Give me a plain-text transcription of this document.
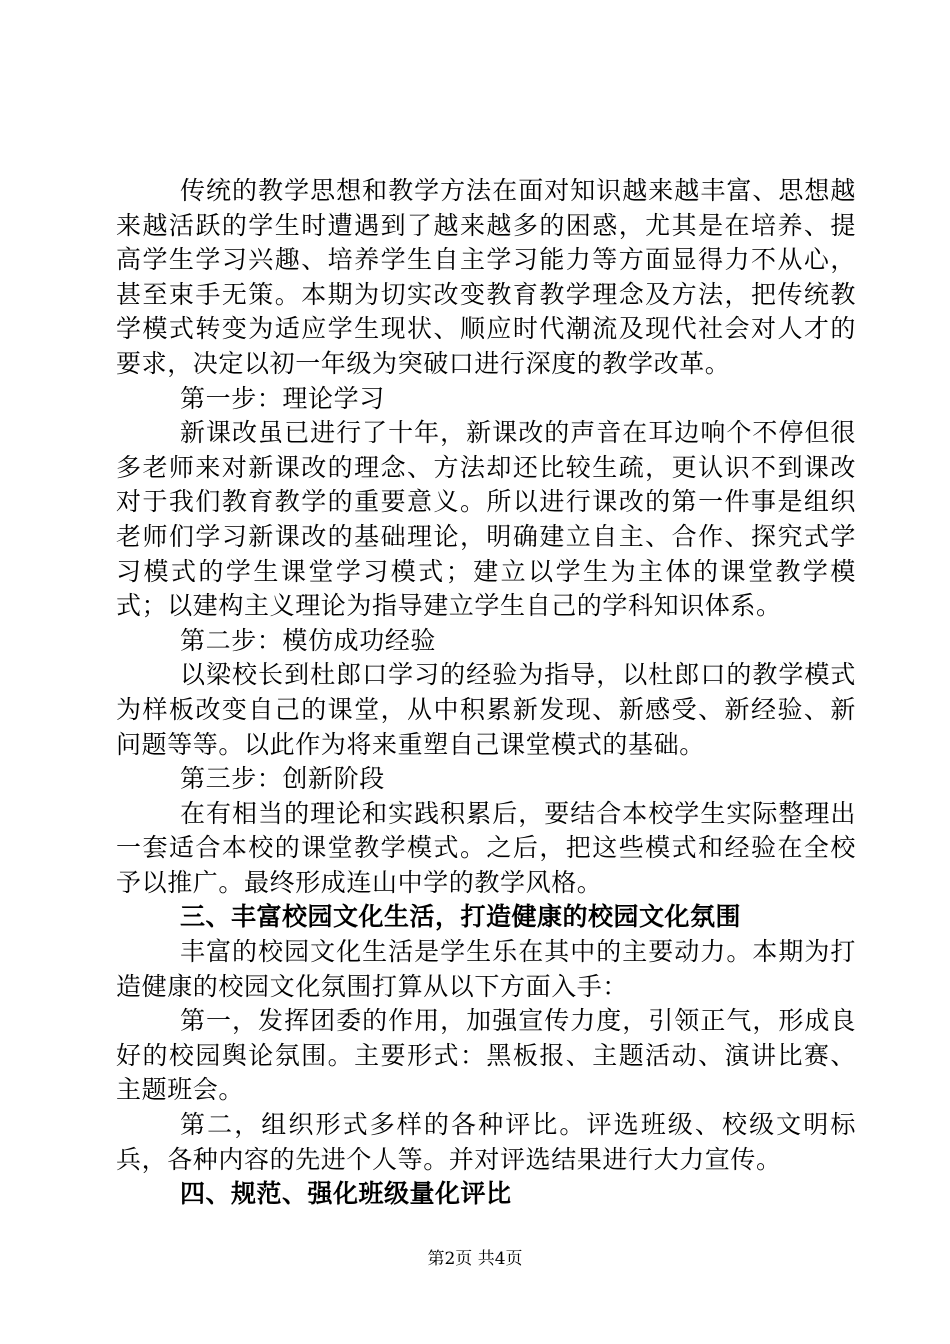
传统的教学思想和教学方法在面对知识越来越丰富、思想越来越活跃的学生时遭遇到了越来越多的困惑，尤其是在培养、提高学生学习兴趣、培养学生自主学习能力等方面显得力不从心，甚至束手无策。本期为切实改变教育教学理念及方法，把传统教学模式转变为适应学生现状、顺应时代潮流及现代社会对人才的要求，决定以初一年级为突破口进行深度的教学改革。

第一步：理论学习

新课改虽已进行了十年，新课改的声音在耳边响个不停但很多老师来对新课改的理念、方法却还比较生疏，更认识不到课改对于我们教育教学的重要意义。所以进行课改的第一件事是组织老师们学习新课改的基础理论，明确建立自主、合作、探究式学习模式的学生课堂学习模式；建立以学生为主体的课堂教学模式；以建构主义理论为指导建立学生自己的学科知识体系。

第二步：模仿成功经验

以梁校长到杜郎口学习的经验为指导，以杜郎口的教学模式为样板改变自己的课堂，从中积累新发现、新感受、新经验、新问题等等。以此作为将来重塑自己课堂模式的基础。

第三步：创新阶段

在有相当的理论和实践积累后，要结合本校学生实际整理出一套适合本校的课堂教学模式。之后，把这些模式和经验在全校予以推广。最终形成连山中学的教学风格。

三、丰富校园文化生活，打造健康的校园文化氛围

丰富的校园文化生活是学生乐在其中的主要动力。本期为打造健康的校园文化氛围打算从以下方面入手：

第一，发挥团委的作用，加强宣传力度，引领正气，形成良好的校园舆论氛围。主要形式：黑板报、主题活动、演讲比赛、主题班会。

第二，组织形式多样的各种评比。评选班级、校级文明标兵，各种内容的先进个人等。并对评选结果进行大力宣传。

四、规范、强化班级量化评比

第2页 共4页
